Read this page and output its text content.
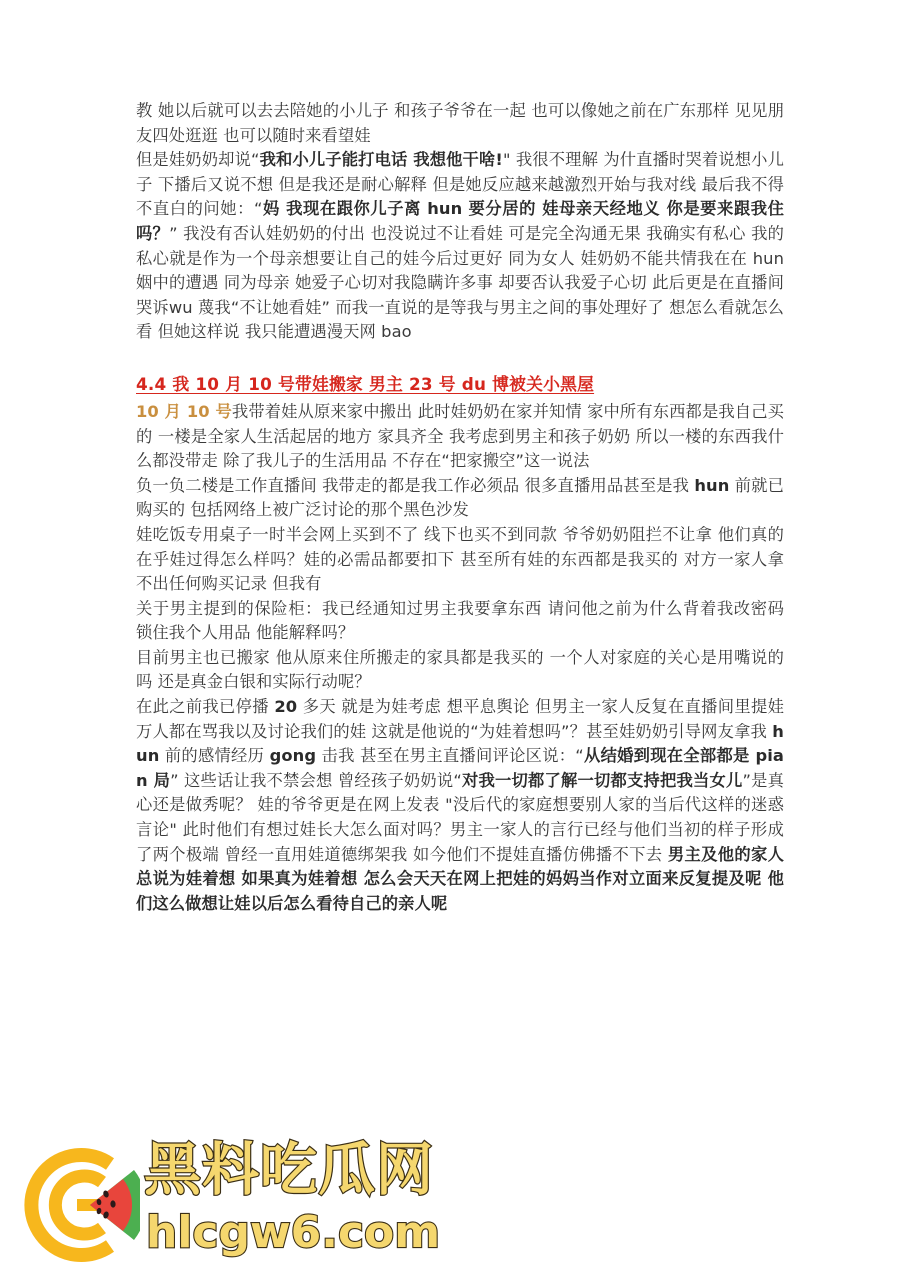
教 她以后就可以去去陪她的小儿子 和孩子爷爷在一起 也可以像她之前在广东那样 见见朋友四处逛逛 也可以随时来看望娃

但是娃奶奶却说“我和小儿子能打电话 我想他干啥!" 我很不理解 为什直播时哭着说想小儿子 下播后又说不想 但是我还是耐心解释 但是她反应越来越激烈开始与我对线 最后我不得不直白的问她：“妈 我现在跟你儿子离 hun 要分居的 娃母亲天经地义 你是要来跟我住吗？” 我没有否认娃奶奶的付出 也没说过不让看娃 可是完全沟通无果 我确实有私心 我的私心就是作为一个母亲想要让自己的娃今后过更好 同为女人 娃奶奶不能共情我在在 hun 姻中的遭遇 同为母亲 她爱子心切对我隐瞒许多事 却要否认我爱子心切 此后更是在直播间哭诉wu 蔑我“不让她看娃” 而我一直说的是等我与男主之间的事处理好了 想怎么看就怎么看 但她这样说 我只能遭遇漫天网 bao

4.4 我 10 月 10 号带娃搬家 男主 23 号 du 博被关小黑屋

10 月 10 号我带着娃从原来家中搬出 此时娃奶奶在家并知情 家中所有东西都是我自己买的 一楼是全家人生活起居的地方 家具齐全 我考虑到男主和孩子奶奶 所以一楼的东西我什么都没带走 除了我儿子的生活用品 不存在“把家搬空”这一说法

负一负二楼是工作直播间 我带走的都是我工作必须品 很多直播用品甚至是我 hun 前就已购买的 包括网络上被广泛讨论的那个黑色沙发

娃吃饭专用桌子一时半会网上买到不了 线下也买不到同款 爷爷奶奶阻拦不让拿 他们真的在乎娃过得怎么样吗？娃的必需品都要扣下 甚至所有娃的东西都是我买的 对方一家人拿不出任何购买记录 但我有

关于男主提到的保险柜：我已经通知过男主我要拿东西 请问他之前为什么背着我改密码 锁住我个人用品 他能解释吗？

目前男主也已搬家 他从原来住所搬走的家具都是我买的 一个人对家庭的关心是用嘴说的吗 还是真金白银和实际行动呢？

在此之前我已停播 20 多天 就是为娃考虑 想平息舆论 但男主一家人反复在直播间里提娃 万人都在骂我以及讨论我们的娃 这就是他说的“为娃着想吗”？甚至娃奶奶引导网友拿我 hun 前的感情经历 gong 击我 甚至在男主直播间评论区说：“从结婚到现在全部都是 pian 局” 这些话让我不禁会想 曾经孩子奶奶说“对我一切都了解一切都支持把我当女儿”是真心还是做秀呢？ 娃的爷爷更是在网上发表 "没后代的家庭想要别人家的当后代这样的迷惑言论" 此时他们有想过娃长大怎么面对吗？男主一家人的言行已经与他们当初的样子形成了两个极端 曾经一直用娃道德绑架我 如今他们不提娃直播仿佛播不下去 男主及他的家人总说为娃着想 如果真为娃着想 怎么会天天在网上把娃的妈妈当作对立面来反复提及呢 他们这么做想让娃以后怎么看待自己的亲人呢

黑料吃瓜网
hlcgw6.com
